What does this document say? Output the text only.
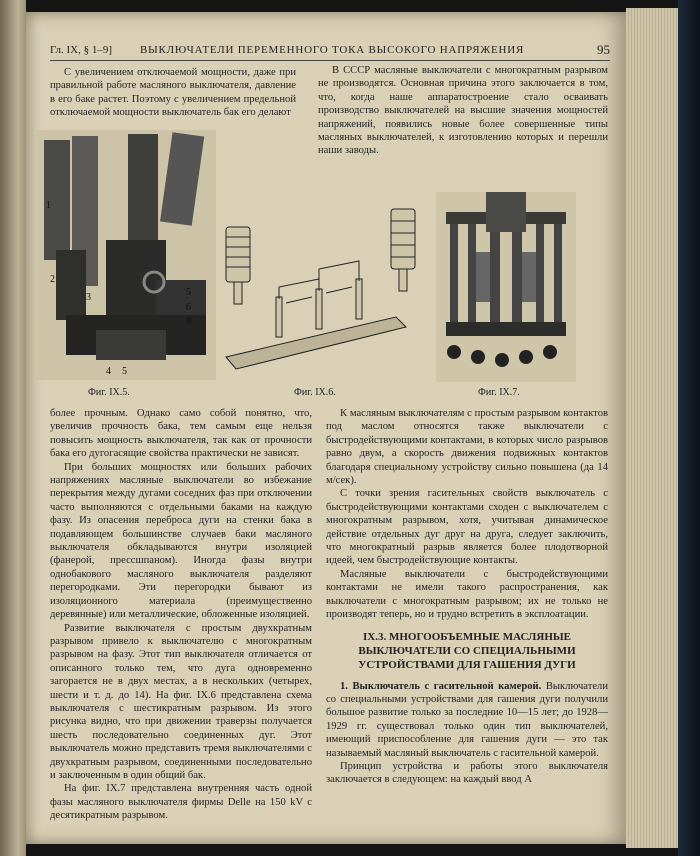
Гл. IX, § 1–9]	ВЫКЛЮЧАТЕЛИ ПЕРЕМЕННОГО ТОКА ВЫСОКОГО НАПРЯЖЕНИЯ	95

С увеличением отключаемой мощности, даже при правильной работе масляного выключателя, давление в его баке растет. Поэтому с увеличением предельной отключаемой мощности выключатель бак его делают

В СССР масляные выключатели с многократным разрывом не производятся. Основная причина этого заключается в том, что, когда наше аппаратостроение стало осваивать производство выключателей на высшие значения мощностей напряжений, появились новые более совершенные типы масляных выключателей, к изготовлению которых и перешли наши заводы.

1
2
3	5
6
8
4 5
Фиг. IX.5.	Фиг. IX.6.	Фиг. IX.7.

более прочным. Однако само собой понятно, что, увеличив прочность бака, тем самым еще нельзя повысить мощность выключателя, так как от прочности бака его дугогасящие свойства практически не зависят.

При больших мощностях или больших рабочих напряжениях масляные выключатели во избежание перекрытия между дугами соседних фаз при отключении часто выполняются с отдельными баками на каждую фазу. Из опасения переброса дуги на стенки бака в подавляющем большинстве случаев баки масляного выключателя обкладываются внутри изоляцией (фанерой, прессшпаном). Иногда фазы внутри однобакового масляного выключателя разделяют перегородками. Эти перегородки бывают из изоляционного материала (преимущественно деревянные) или металлические, обложенные изоляцией.

Развитие выключателя с простым двухкратным разрывом привело к выключателю с многократным разрывом на фазу. Этот тип выключателя отличается от описанного только тем, что дуга одновременно загорается не в двух местах, а в нескольких (четырех, шести и т. д. до 14). На фиг. IX.6 представлена схема выключателя с шестикратным разрывом. Из этого рисунка видно, что при движении траверзы получается шесть последовательно соединенных дуг. Этот выключатель можно представить тремя выключателями с двухкратным разрывом, соединенными последовательно и заключенным в один общий бак.

На фиг. IX.7 представлена внутренняя часть одной фазы масляного выключателя фирмы Delle на 150 kV с десятикратным разрывом.

К масляным выключателям с простым разрывом контактов под маслом относятся также выключатели с быстродействующими контактами, в которых число разрывов равно двум, а скорость движения подвижных контактов благодаря специальному устройству сильно повышена (да 14 м/сек).

С точки зрения гасительных свойств выключатель с быстродействующими контактами сходен с выключателем с многократным разрывом, хотя, учитывая динамическое действие отдельных дуг друг на друга, следует заключить, что многократный разрыв является более плодотворной идеей, чем быстродействующие контакты.

Масляные выключатели с быстродействующими контактами не имели такого распространения, как выключатели с многократным разрывом; их не только не производят теперь, но и трудно встретить в эксплоатации.

IX.3. МНОГООБЪЕМНЫЕ МАСЛЯНЫЕ ВЫКЛЮЧАТЕЛИ СО СПЕЦИАЛЬНЫМИ УСТРОЙСТВАМИ ДЛЯ ГАШЕНИЯ ДУГИ

1. Выключатель с гасительной камерой. Выключатели со специальными устройствами для гашения дуги получили большое развитие только за последние 10—15 лет; до 1928—1929 гг. существовал только один тип выключателей, имеющий приспособление для гашения дуги — это так называемый масляный выключатель с гасительной камерой.

Принцип устройства и работы этого выключателя заключается в следующем: на каждый ввод А
